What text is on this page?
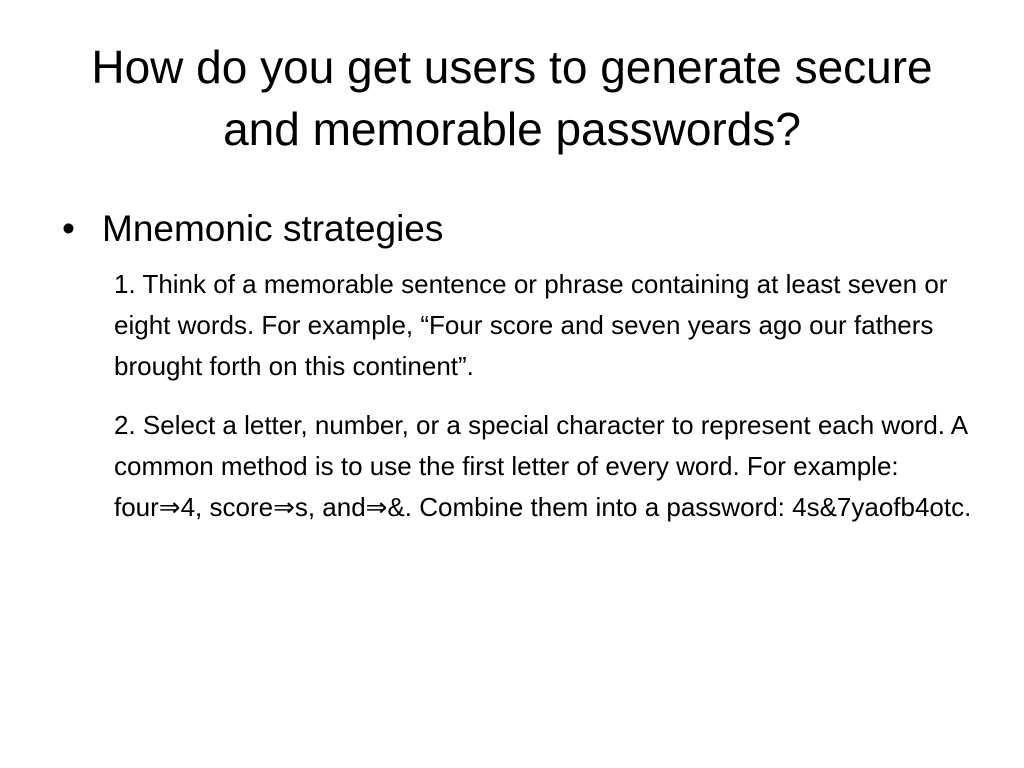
How do you get users to generate secure and memorable passwords?
• Mnemonic strategies

1. Think of a memorable sentence or phrase containing at least seven or eight words. For example, “Four score and seven years ago our fathers brought forth on this continent”.

2. Select a letter, number, or a special character to represent each word. A common method is to use the first letter of every word. For example: four⇒4, score⇒s, and⇒&. Combine them into a password: 4s&7yaofb4otc.
